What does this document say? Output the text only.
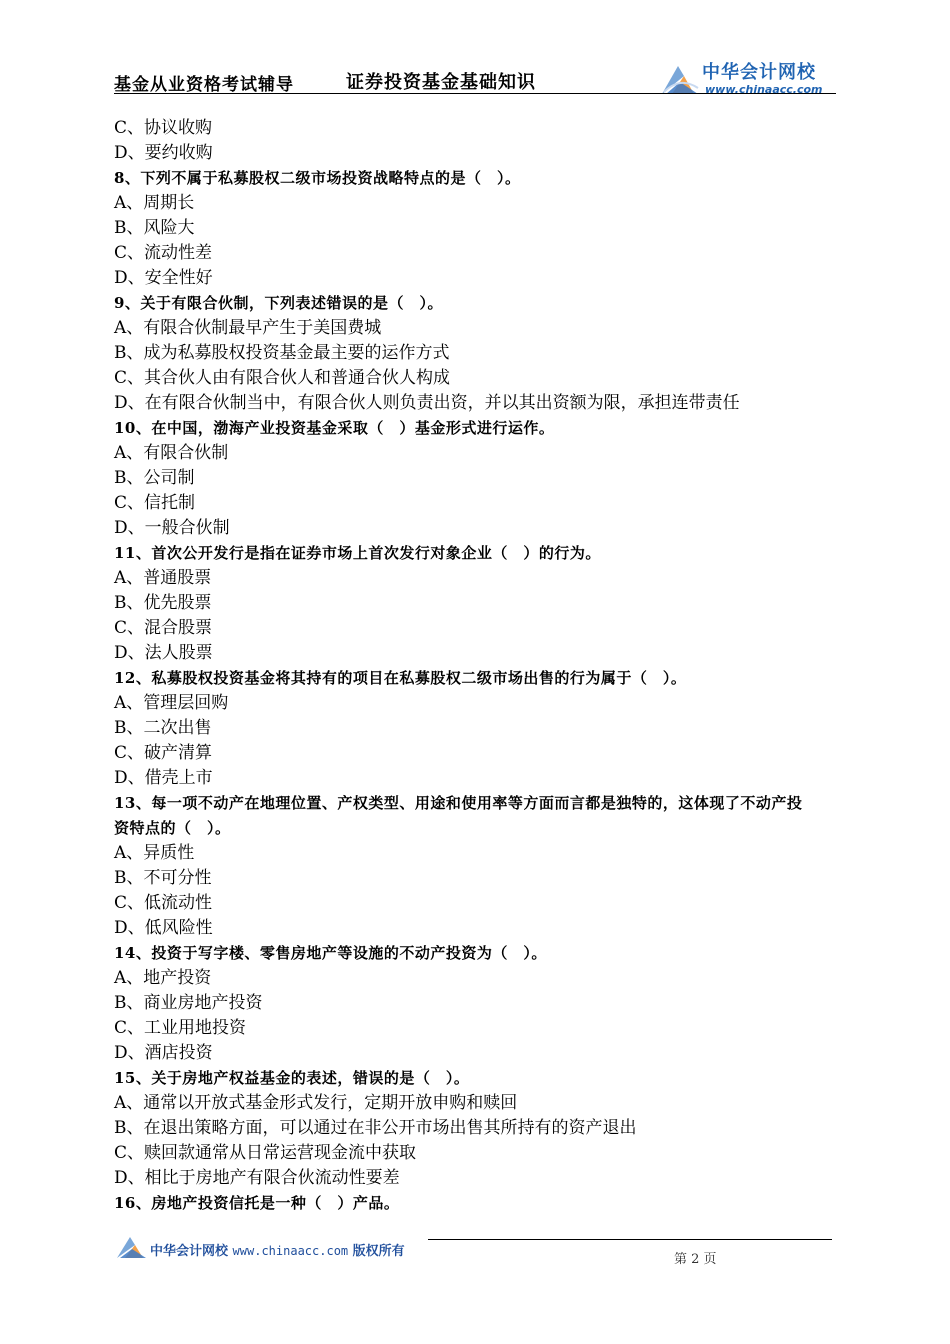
基金从业资格考试辅导	证券投资基金基础知识	中华会计网校
www.chinaacc.com
C、协议收购
D、要约收购
8、下列不属于私募股权二级市场投资战略特点的是（　）。
A、周期长
B、风险大
C、流动性差
D、安全性好
9、关于有限合伙制，下列表述错误的是（　）。
A、有限合伙制最早产生于美国费城
B、成为私募股权投资基金最主要的运作方式
C、其合伙人由有限合伙人和普通合伙人构成
D、在有限合伙制当中，有限合伙人则负责出资，并以其出资额为限，承担连带责任
10、在中国，渤海产业投资基金采取（　）基金形式进行运作。
A、有限合伙制
B、公司制
C、信托制
D、一般合伙制
11、首次公开发行是指在证券市场上首次发行对象企业（　）的行为。
A、普通股票
B、优先股票
C、混合股票
D、法人股票
12、私募股权投资基金将其持有的项目在私募股权二级市场出售的行为属于（　）。
A、管理层回购
B、二次出售
C、破产清算
D、借壳上市
13、每一项不动产在地理位置、产权类型、用途和使用率等方面而言都是独特的，这体现了不动产投
资特点的（　）。
A、异质性
B、不可分性
C、低流动性
D、低风险性
14、投资于写字楼、零售房地产等设施的不动产投资为（　）。
A、地产投资
B、商业房地产投资
C、工业用地投资
D、酒店投资
15、关于房地产权益基金的表述，错误的是（　）。
A、通常以开放式基金形式发行，定期开放申购和赎回
B、在退出策略方面，可以通过在非公开市场出售其所持有的资产退出
C、赎回款通常从日常运营现金流中获取
D、相比于房地产有限合伙流动性要差
16、房地产投资信托是一种（　）产品。
中华会计网校 www.chinaacc.com 版权所有
第 2 页
